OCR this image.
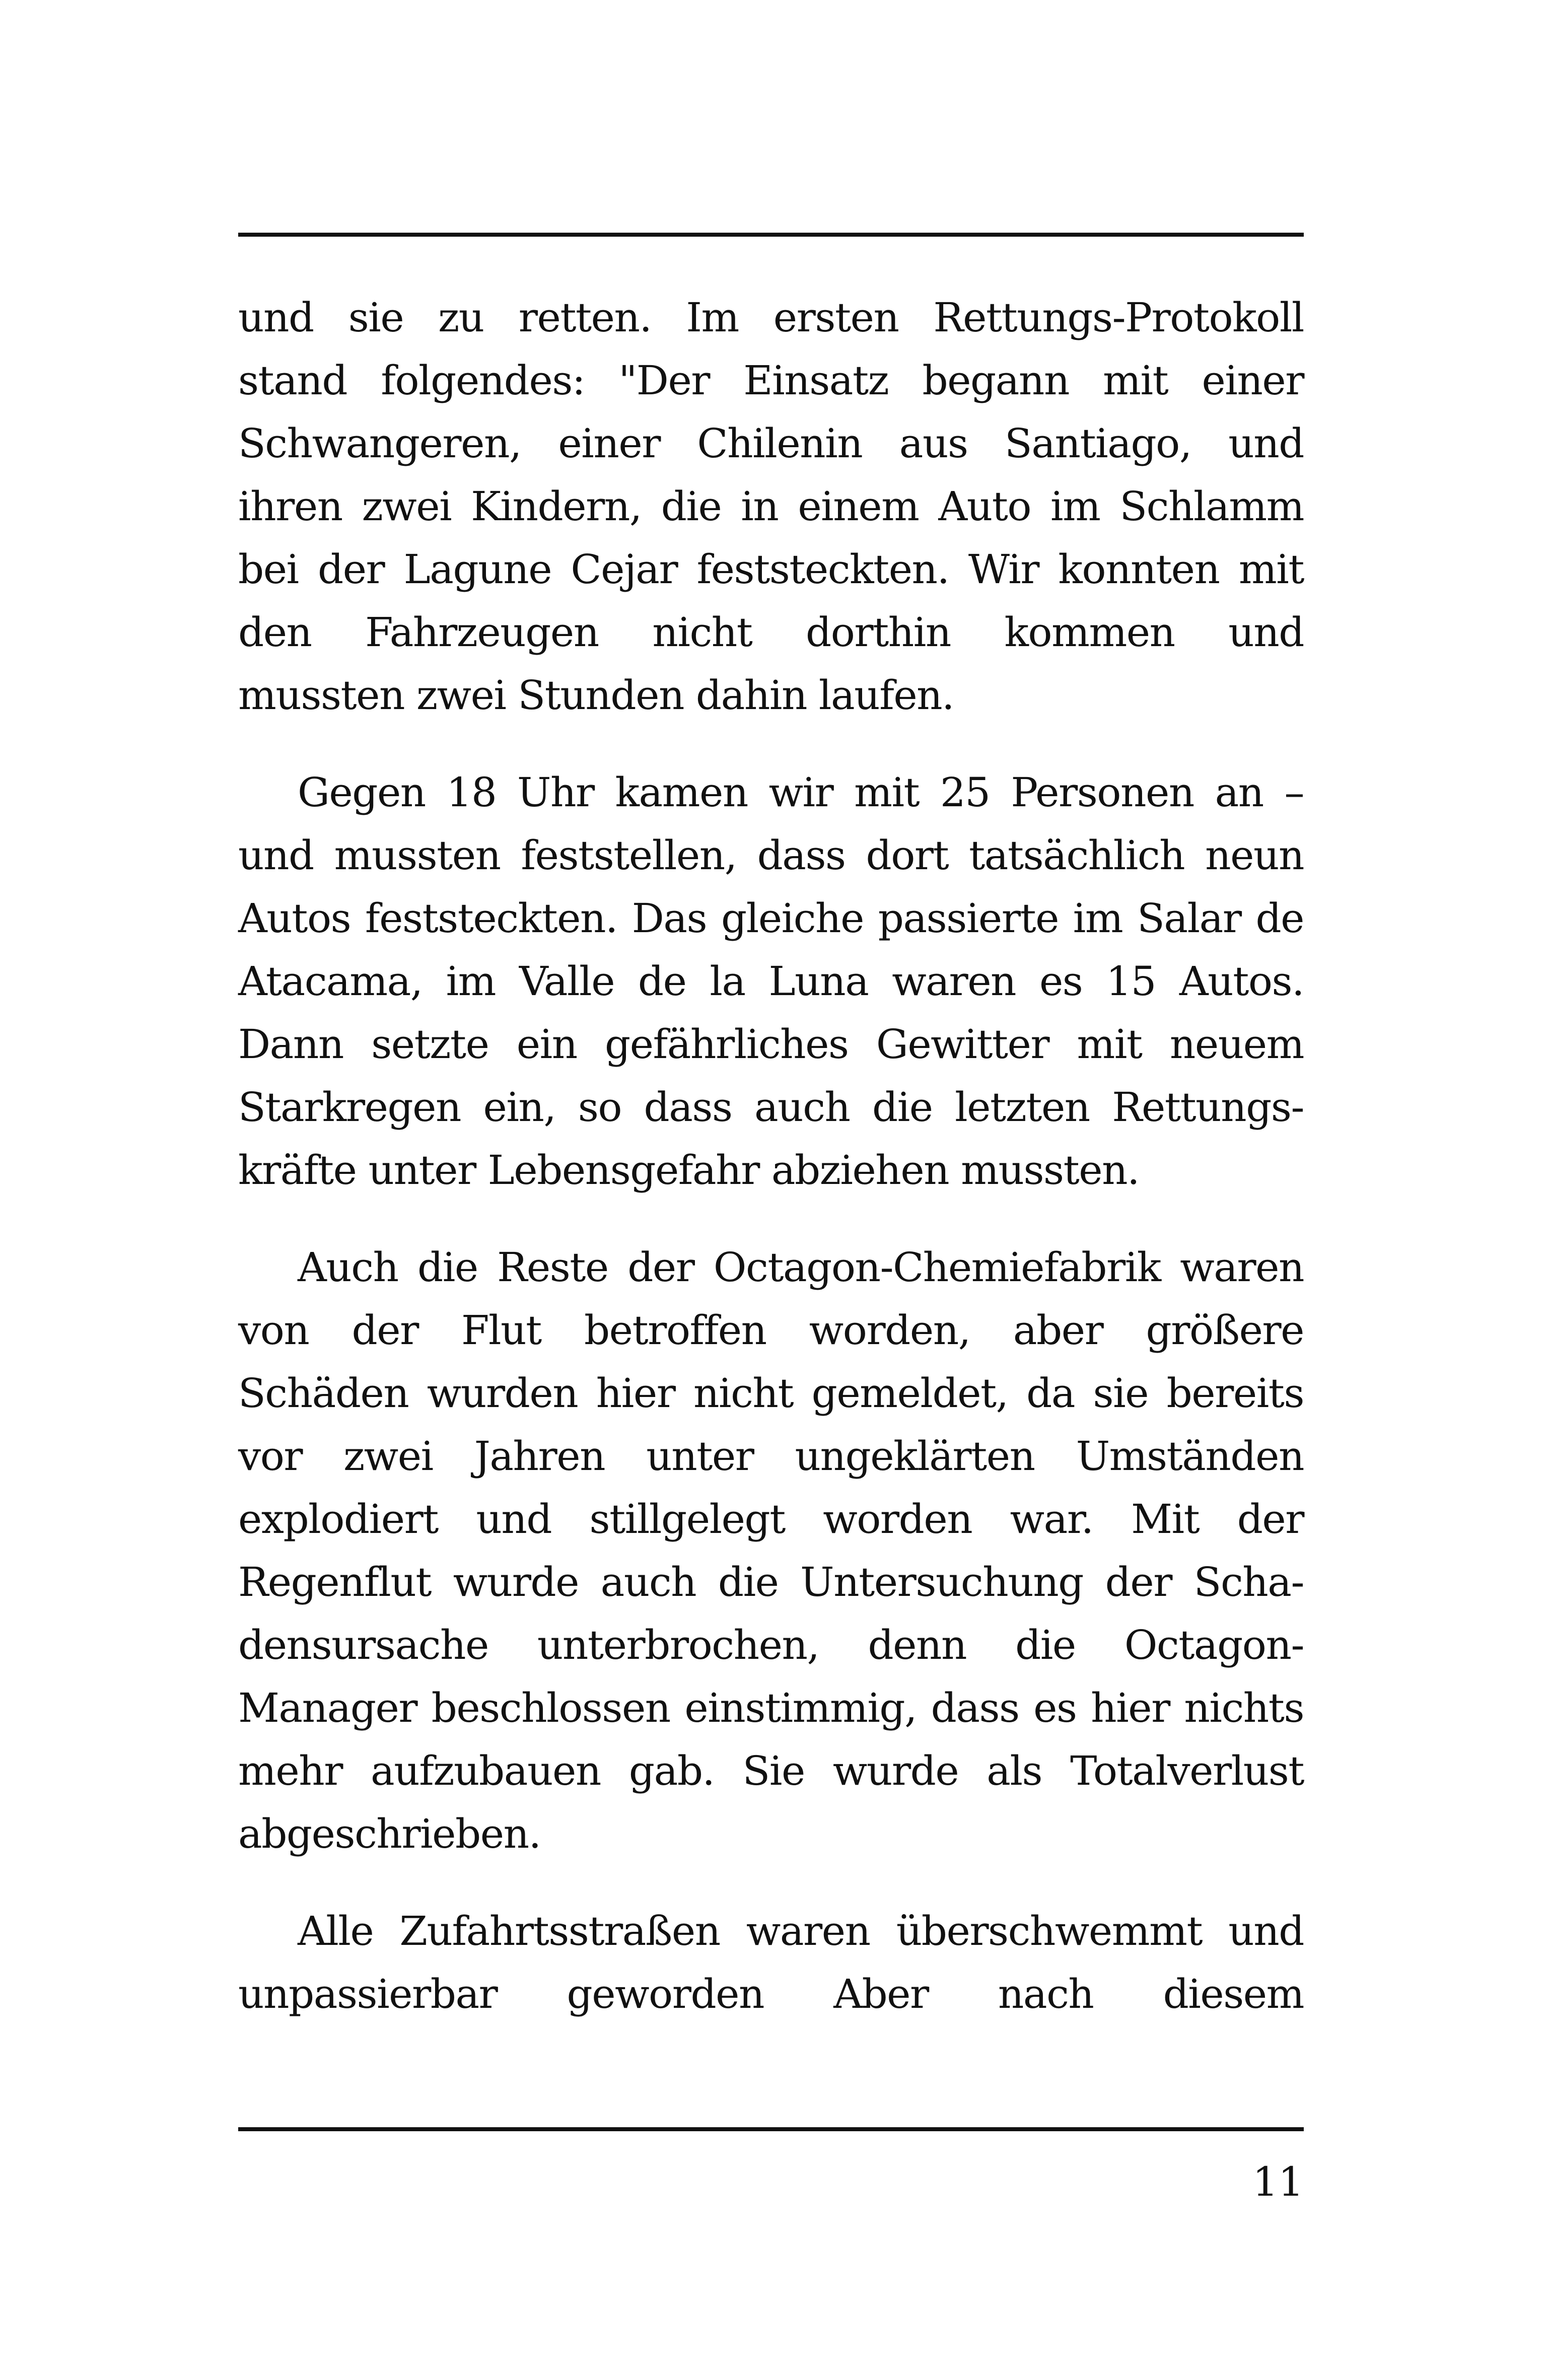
und sie zu retten. Im ersten Rettungs-Protokoll
stand folgendes: "Der Einsatz begann mit einer
Schwangeren, einer Chilenin aus Santiago, und
ihren zwei Kindern, die in einem Auto im Schlamm
bei der Lagune Cejar feststeckten. Wir konnten mit
den Fahrzeugen nicht dorthin kommen und
mussten zwei Stunden dahin laufen.

Gegen 18 Uhr kamen wir mit 25 Personen an –
und mussten feststellen, dass dort tatsächlich neun
Autos feststeckten. Das gleiche passierte im Salar de
Atacama, im Valle de la Luna waren es 15 Autos.
Dann setzte ein gefährliches Gewitter mit neuem
Starkregen ein, so dass auch die letzten Rettungs-
kräfte unter Lebensgefahr abziehen mussten.

Auch die Reste der Octagon-Chemiefabrik waren
von der Flut betroffen worden, aber größere
Schäden wurden hier nicht gemeldet, da sie bereits
vor zwei Jahren unter ungeklärten Umständen
explodiert und stillgelegt worden war. Mit der
Regenflut wurde auch die Untersuchung der Scha-
densursache unterbrochen, denn die Octagon-
Manager beschlossen einstimmig, dass es hier nichts
mehr aufzubauen gab. Sie wurde als Totalverlust
abgeschrieben.

Alle Zufahrtsstraßen waren überschwemmt und
unpassierbar geworden Aber nach diesem

11
